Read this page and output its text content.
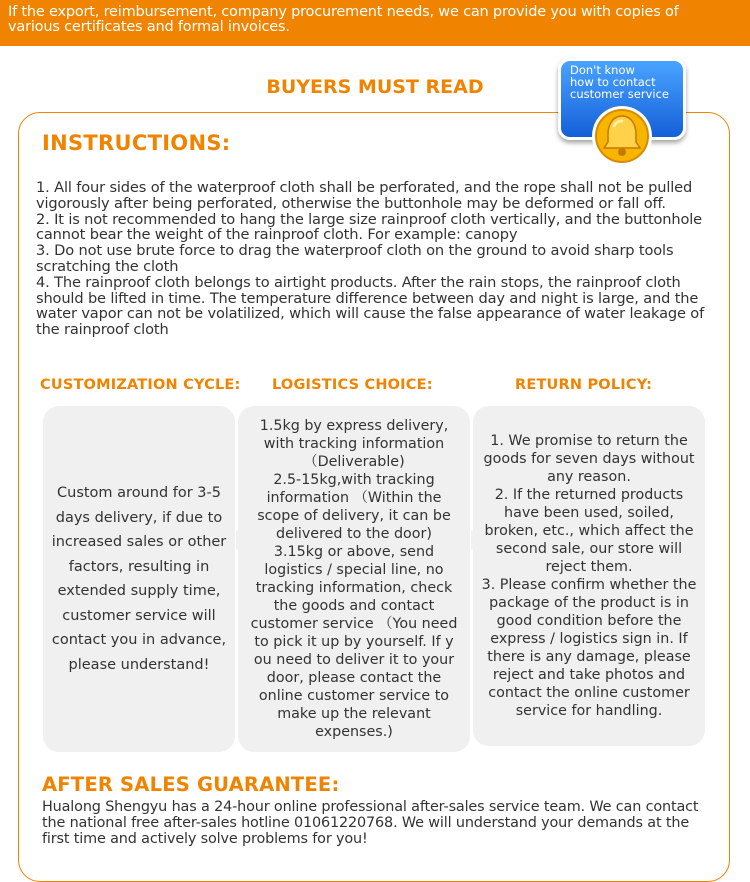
If the export, reimbursement, company procurement needs, we can provide you with copies of
various certificates and formal invoices.
BUYERS MUST READ
Don't know
how to contact
customer service
INSTRUCTIONS:
1. All four sides of the waterproof cloth shall be perforated, and the rope shall not be pulled
vigorously after being perforated, otherwise the buttonhole may be deformed or fall off.
2. It is not recommended to hang the large size rainproof cloth vertically, and the buttonhole
cannot bear the weight of the rainproof cloth. For example: canopy
3. Do not use brute force to drag the waterproof cloth on the ground to avoid sharp tools
scratching the cloth
4. The rainproof cloth belongs to airtight products. After the rain stops, the rainproof cloth
should be lifted in time. The temperature difference between day and night is large, and the
water vapor can not be volatilized, which will cause the false appearance of water leakage of
the rainproof cloth
CUSTOMIZATION CYCLE: LOGISTICS CHOICE:	RETURN POLICY:
Custom around for 3-5
days delivery, if due to
increased sales or other
factors, resulting in
extended supply time,
customer service will
contact you in advance,
please understand!
1.5kg by express delivery,
with tracking information
（Deliverable)
2.5-15kg,with tracking
information （Within the
scope of delivery, it can be
delivered to the door)
3.15kg or above, send
logistics / special line, no
tracking information, check
the goods and contact
customer service （You need
to pick it up by yourself. If y
ou need to deliver it to your
door, please contact the
online customer service to
make up the relevant
expenses.)
1. We promise to return the
goods for seven days without
any reason.
2. If the returned products
have been used, soiled,
broken, etc., which affect the
second sale, our store will
reject them.
3. Please confirm whether the
package of the product is in
good condition before the
express / logistics sign in. If
there is any damage, please
reject and take photos and
contact the online customer
service for handling.
AFTER SALES GUARANTEE:
Hualong Shengyu has a 24-hour online professional after-sales service team. We can contact
the national free after-sales hotline 01061220768. We will understand your demands at the
first time and actively solve problems for you!
